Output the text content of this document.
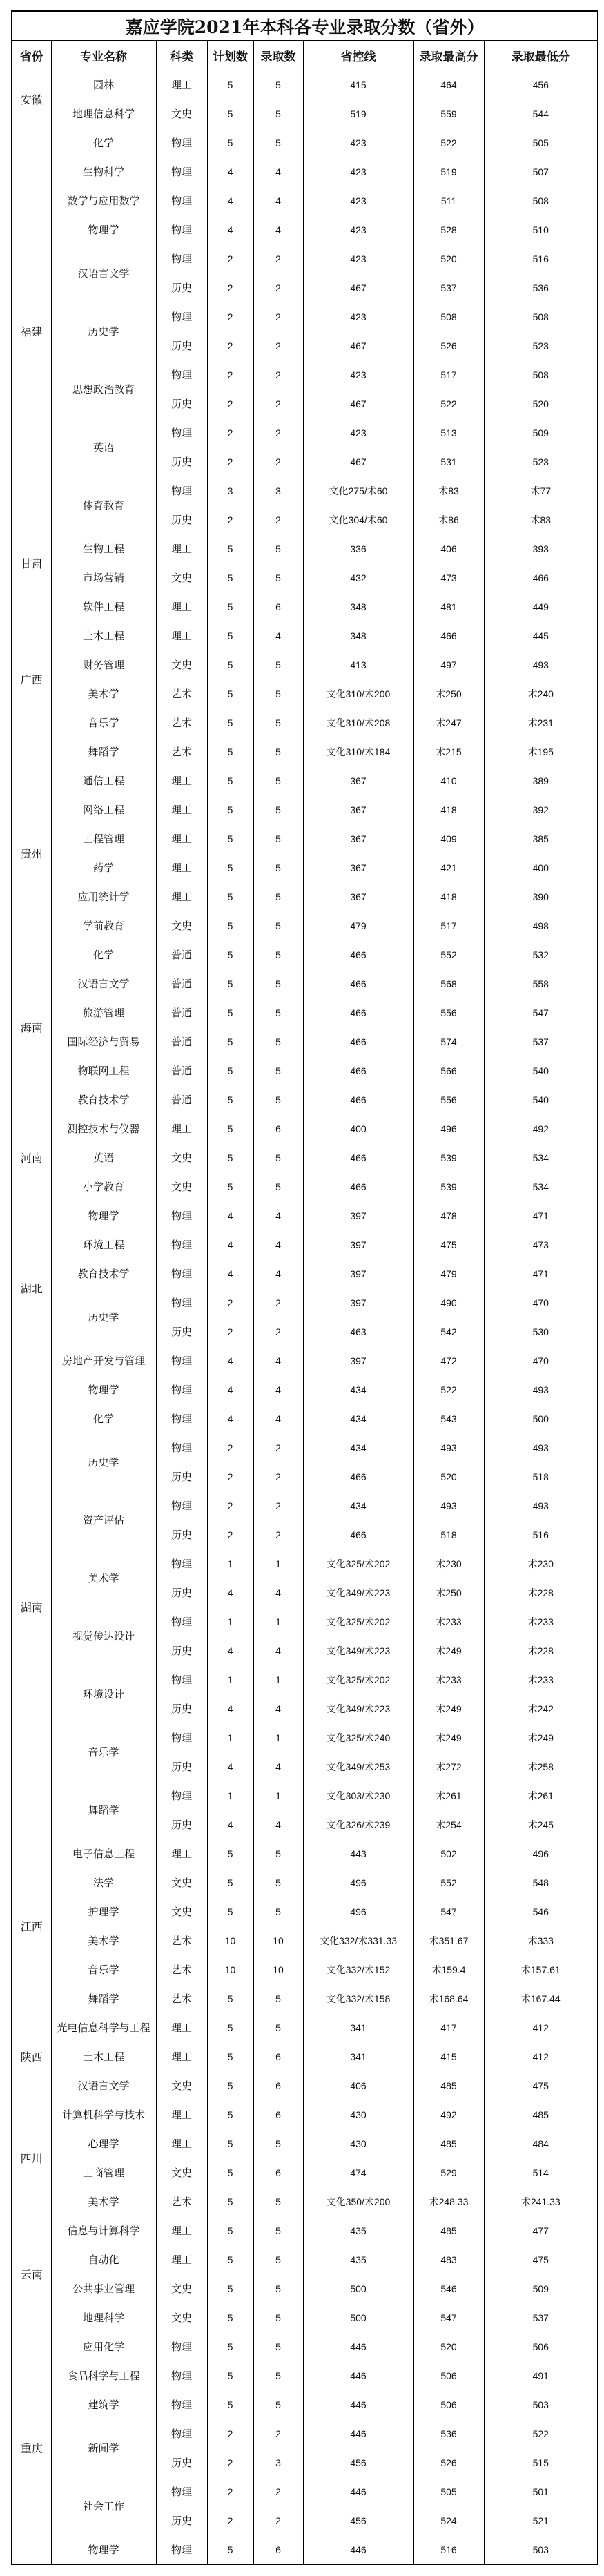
嘉应学院2021年本科各专业录取分数（省外）							
省份	专业名称	科类	计划数	录取数	省控线	录取最高分	录取最低分
安徽	园林	理工	5	5	415	464	456
	地理信息科学	文史	5	5	519	559	544
福建	化学	物理	5	5	423	522	505
	生物科学	物理	4	4	423	519	507
	数学与应用数学	物理	4	4	423	511	508
	物理学	物理	4	4	423	528	510
	汉语言文学	物理	2	2	423	520	516
		历史	2	2	467	537	536
	历史学	物理	2	2	423	508	508
		历史	2	2	467	526	523
	思想政治教育	物理	2	2	423	517	508
		历史	2	2	467	522	520
	英语	物理	2	2	423	513	509
		历史	2	2	467	531	523
	体育教育	物理	3	3	文化275/术60	术83	术77
		历史	2	2	文化304/术60	术86	术83
甘肃	生物工程	理工	5	5	336	406	393
	市场营销	文史	5	5	432	473	466
广西	软件工程	理工	5	6	348	481	449
	土木工程	理工	5	4	348	466	445
	财务管理	文史	5	5	413	497	493
	美术学	艺术	5	5	文化310/术200	术250	术240
	音乐学	艺术	5	5	文化310/术208	术247	术231
	舞蹈学	艺术	5	5	文化310/术184	术215	术195
贵州	通信工程	理工	5	5	367	410	389
	网络工程	理工	5	5	367	418	392
	工程管理	理工	5	5	367	409	385
	药学	理工	5	5	367	421	400
	应用统计学	理工	5	5	367	418	390
	学前教育	文史	5	5	479	517	498
海南	化学	普通	5	5	466	552	532
	汉语言文学	普通	5	5	466	568	558
	旅游管理	普通	5	5	466	556	547
	国际经济与贸易	普通	5	5	466	574	537
	物联网工程	普通	5	5	466	566	540
	教育技术学	普通	5	5	466	556	540
河南	测控技术与仪器	理工	5	6	400	496	492
	英语	文史	5	5	466	539	534
	小学教育	文史	5	5	466	539	534
湖北	物理学	物理	4	4	397	478	471
	环境工程	物理	4	4	397	475	473
	教育技术学	物理	4	4	397	479	471
	历史学	物理	2	2	397	490	470
		历史	2	2	463	542	530
	房地产开发与管理	物理	4	4	397	472	470
湖南	物理学	物理	4	4	434	522	493
	化学	物理	4	4	434	543	500
	历史学	物理	2	2	434	493	493
		历史	2	2	466	520	518
	资产评估	物理	2	2	434	493	493
		历史	2	2	466	518	516
	美术学	物理	1	1	文化325/术202	术230	术230
		历史	4	4	文化349/术223	术250	术228
	视觉传达设计	物理	1	1	文化325/术202	术233	术233
		历史	4	4	文化349/术223	术249	术228
	环境设计	物理	1	1	文化325/术202	术233	术233
		历史	4	4	文化349/术223	术249	术242
	音乐学	物理	1	1	文化325/术240	术249	术249
		历史	4	4	文化349/术253	术272	术258
	舞蹈学	物理	1	1	文化303/术230	术261	术261
		历史	4	4	文化326/术239	术254	术245
江西	电子信息工程	理工	5	5	443	502	496
	法学	文史	5	5	496	552	548
	护理学	文史	5	5	496	547	546
	美术学	艺术	10	10	文化332/术331.33	术351.67	术333
	音乐学	艺术	10	10	文化332/术152	术159.4	术157.61
	舞蹈学	艺术	5	5	文化332/术158	术168.64	术167.44
陕西	光电信息科学与工程	理工	5	5	341	417	412
	土木工程	理工	5	6	341	415	412
	汉语言文学	文史	5	6	406	485	475
四川	计算机科学与技术	理工	5	6	430	492	485
	心理学	理工	5	5	430	485	484
	工商管理	文史	5	6	474	529	514
	美术学	艺术	5	5	文化350/术200	术248.33	术241.33
云南	信息与计算科学	理工	5	5	435	485	477
	自动化	理工	5	5	435	483	475
	公共事业管理	文史	5	5	500	546	509
	地理科学	文史	5	5	500	547	537
重庆	应用化学	物理	5	5	446	520	506
	食品科学与工程	物理	5	5	446	506	491
	建筑学	物理	5	5	446	506	503
	新闻学	物理	2	2	446	536	522
		历史	2	3	456	526	515
	社会工作	物理	2	2	446	505	501
		历史	2	2	456	524	521
	物理学	物理	5	6	446	516	503
